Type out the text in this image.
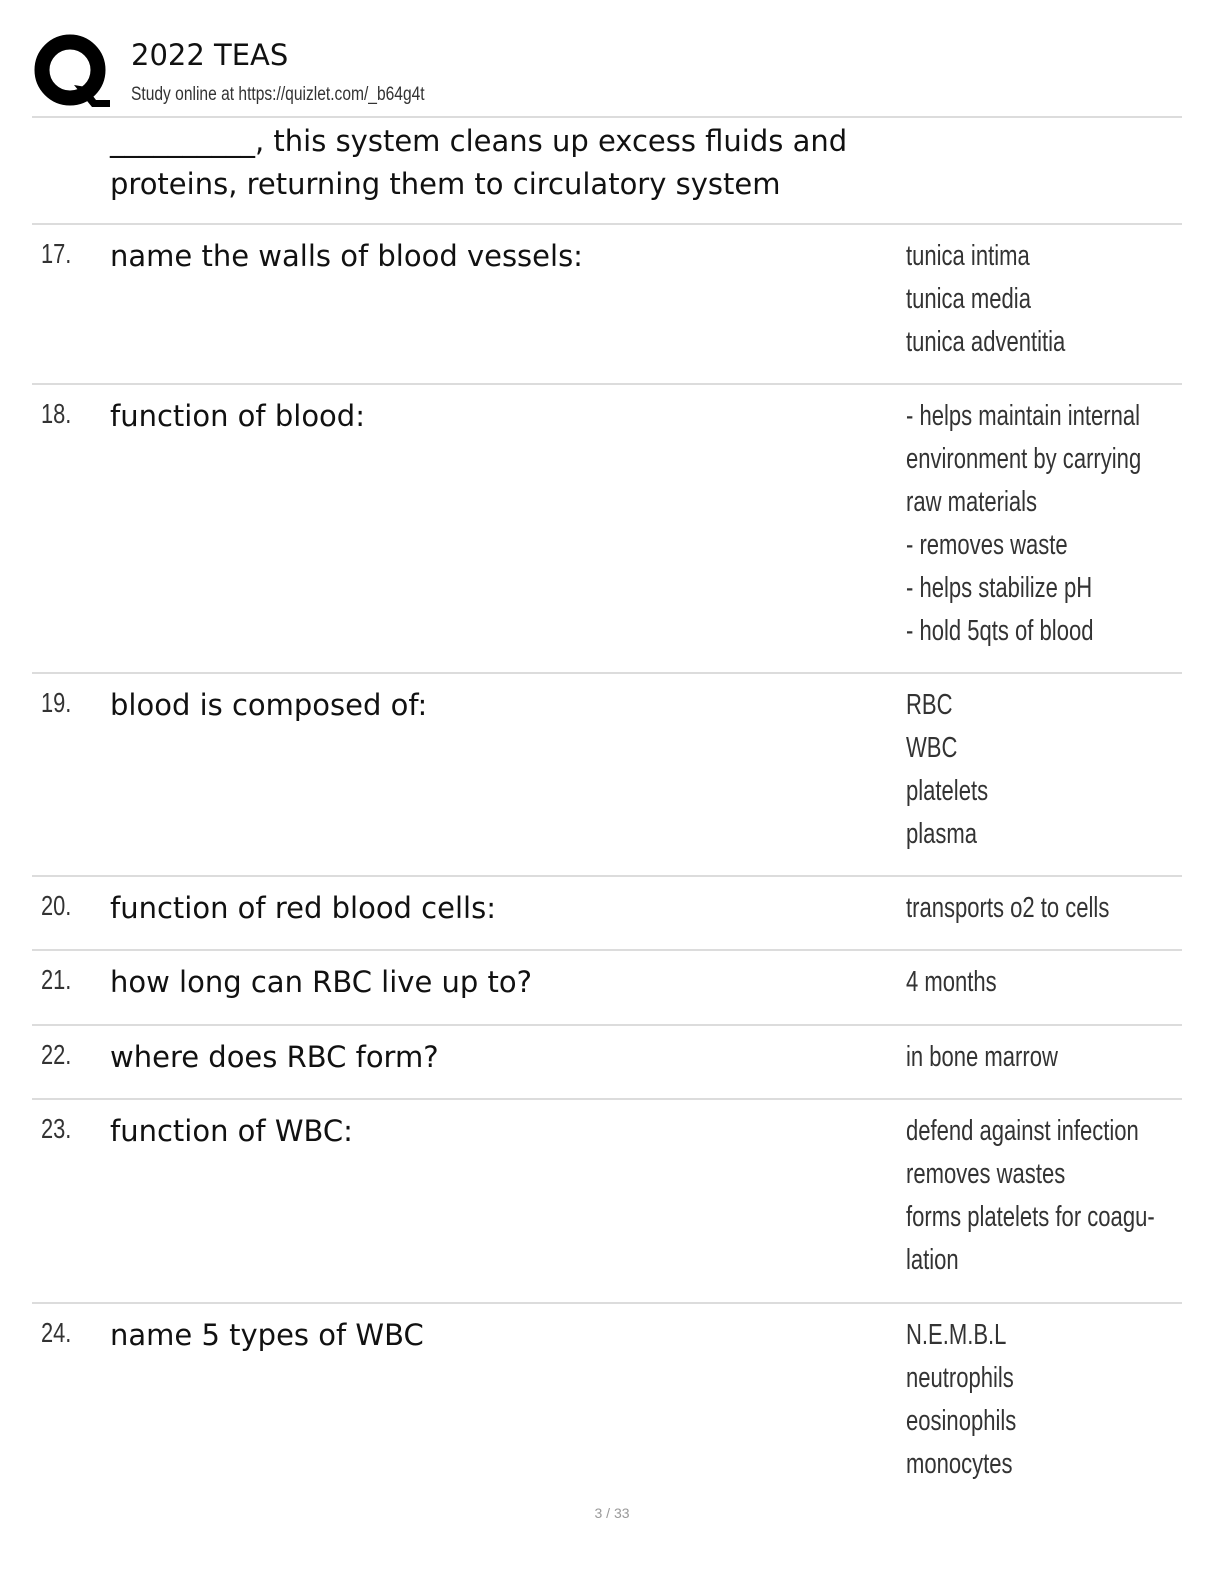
2022 TEAS
Study online at https://quizlet.com/_b64g4t
__________, this system cleans up excess fluids and
proteins, returning them to circulatory system
17. name the walls of blood vessels:	tunica intima
tunica media
tunica adventitia
18. function of blood:	- helps maintain internal
environment by carrying
raw materials
- removes waste
- helps stabilize pH
- hold 5qts of blood
19. blood is composed of:	RBC
WBC
platelets
plasma
20. function of red blood cells:	transports o2 to cells
21. how long can RBC live up to?	4 months
22. where does RBC form?	in bone marrow
23. function of WBC:	defend against infection
removes wastes
forms platelets for coagu-
lation
24. name 5 types of WBC	N.E.M.B.L
neutrophils
eosinophils
monocytes
3 / 33
